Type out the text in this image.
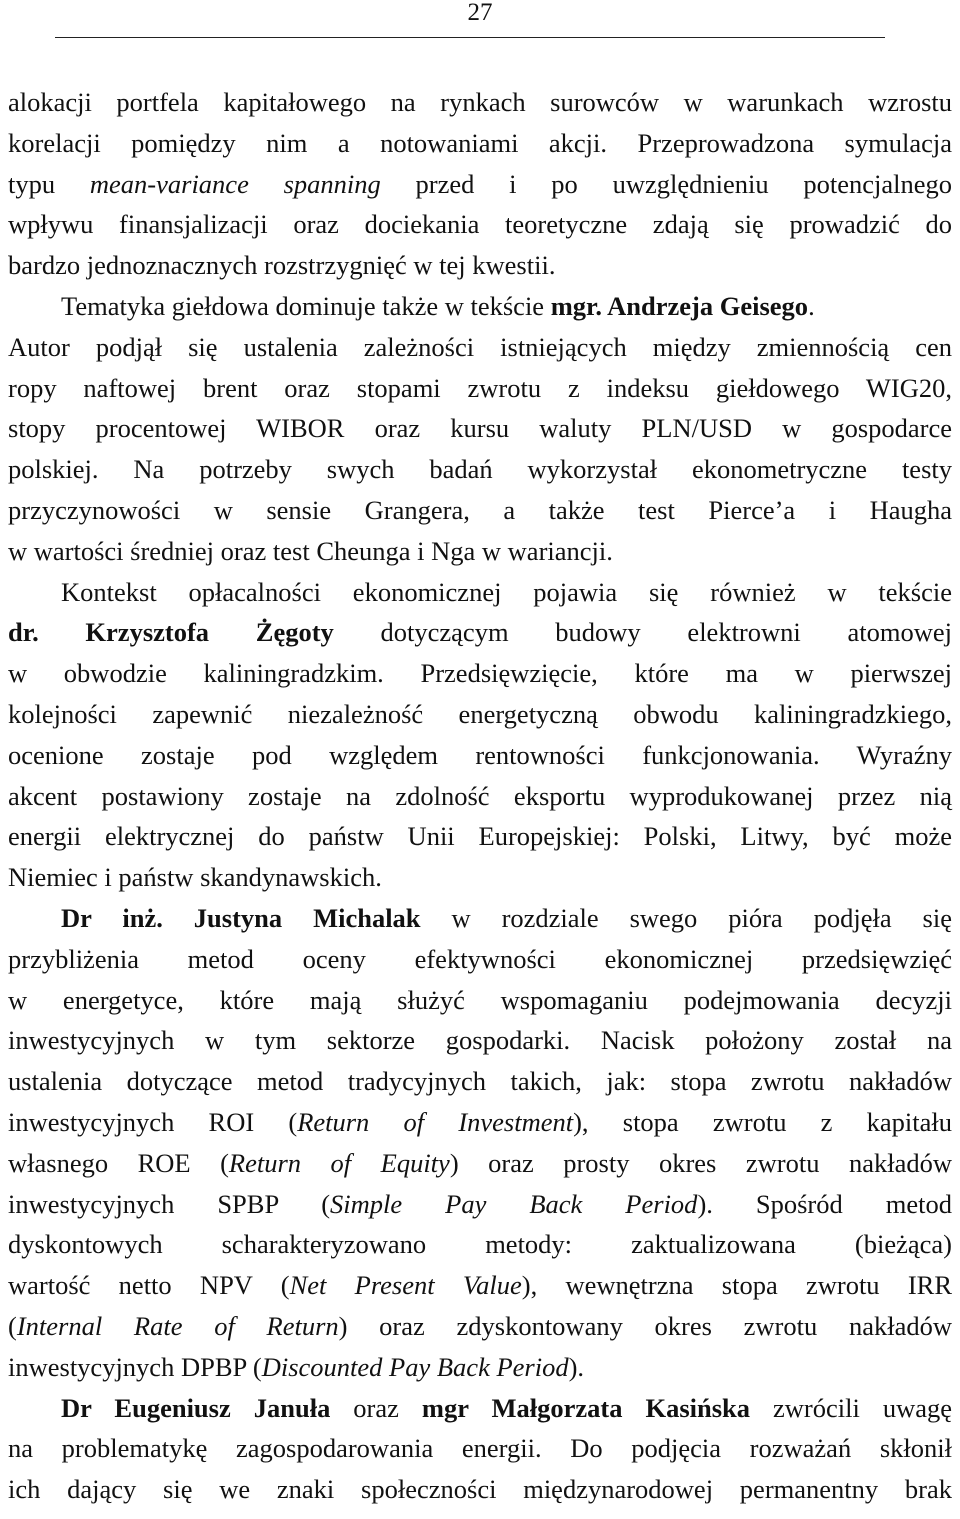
27
alokacji portfela kapitałowego na rynkach surowców w warunkach wzrostu
korelacji pomiędzy nim a notowaniami akcji. Przeprowadzona symulacja
typu mean-variance spanning przed i po uwzględnieniu potencjalnego
wpływu finansjalizacji oraz dociekania teoretyczne zdają się prowadzić do
bardzo jednoznacznych rozstrzygnięć w tej kwestii.
Tematyka giełdowa dominuje także w tekście mgr. Andrzeja Geisego.
Autor podjął się ustalenia zależności istniejących między zmiennością cen
ropy naftowej brent oraz stopami zwrotu z indeksu giełdowego WIG20,
stopy procentowej WIBOR oraz kursu waluty PLN/USD w gospodarce
polskiej. Na potrzeby swych badań wykorzystał ekonometryczne testy
przyczynowości w sensie Grangera, a także test Pierce’a i Haugha
w wartości średniej oraz test Cheunga i Nga w wariancji.
Kontekst opłacalności ekonomicznej pojawia się również w tekście
dr. Krzysztofa Żęgoty dotyczącym budowy elektrowni atomowej
w obwodzie kaliningradzkim. Przedsięwzięcie, które ma w pierwszej
kolejności zapewnić niezależność energetyczną obwodu kaliningradzkiego,
ocenione zostaje pod względem rentowności funkcjonowania. Wyraźny
akcent postawiony zostaje na zdolność eksportu wyprodukowanej przez nią
energii elektrycznej do państw Unii Europejskiej: Polski, Litwy, być może
Niemiec i państw skandynawskich.
Dr inż. Justyna Michalak w rozdziale swego pióra podjęła się
przybliżenia metod oceny efektywności ekonomicznej przedsięwzięć
w energetyce, które mają służyć wspomaganiu podejmowania decyzji
inwestycyjnych w tym sektorze gospodarki. Nacisk położony został na
ustalenia dotyczące metod tradycyjnych takich, jak: stopa zwrotu nakładów
inwestycyjnych ROI (Return of Investment), stopa zwrotu z kapitału
własnego ROE (Return of Equity) oraz prosty okres zwrotu nakładów
inwestycyjnych SPBP (Simple Pay Back Period). Spośród metod
dyskontowych scharakteryzowano metody: zaktualizowana (bieżąca)
wartość netto NPV (Net Present Value), wewnętrzna stopa zwrotu IRR
(Internal Rate of Return) oraz zdyskontowany okres zwrotu nakładów
inwestycyjnych DPBP (Discounted Pay Back Period).
Dr Eugeniusz Januła oraz mgr Małgorzata Kasińska zwrócili uwagę
na problematykę zagospodarowania energii. Do podjęcia rozważań skłonił
ich dający się we znaki społeczności międzynarodowej permanentny brak
